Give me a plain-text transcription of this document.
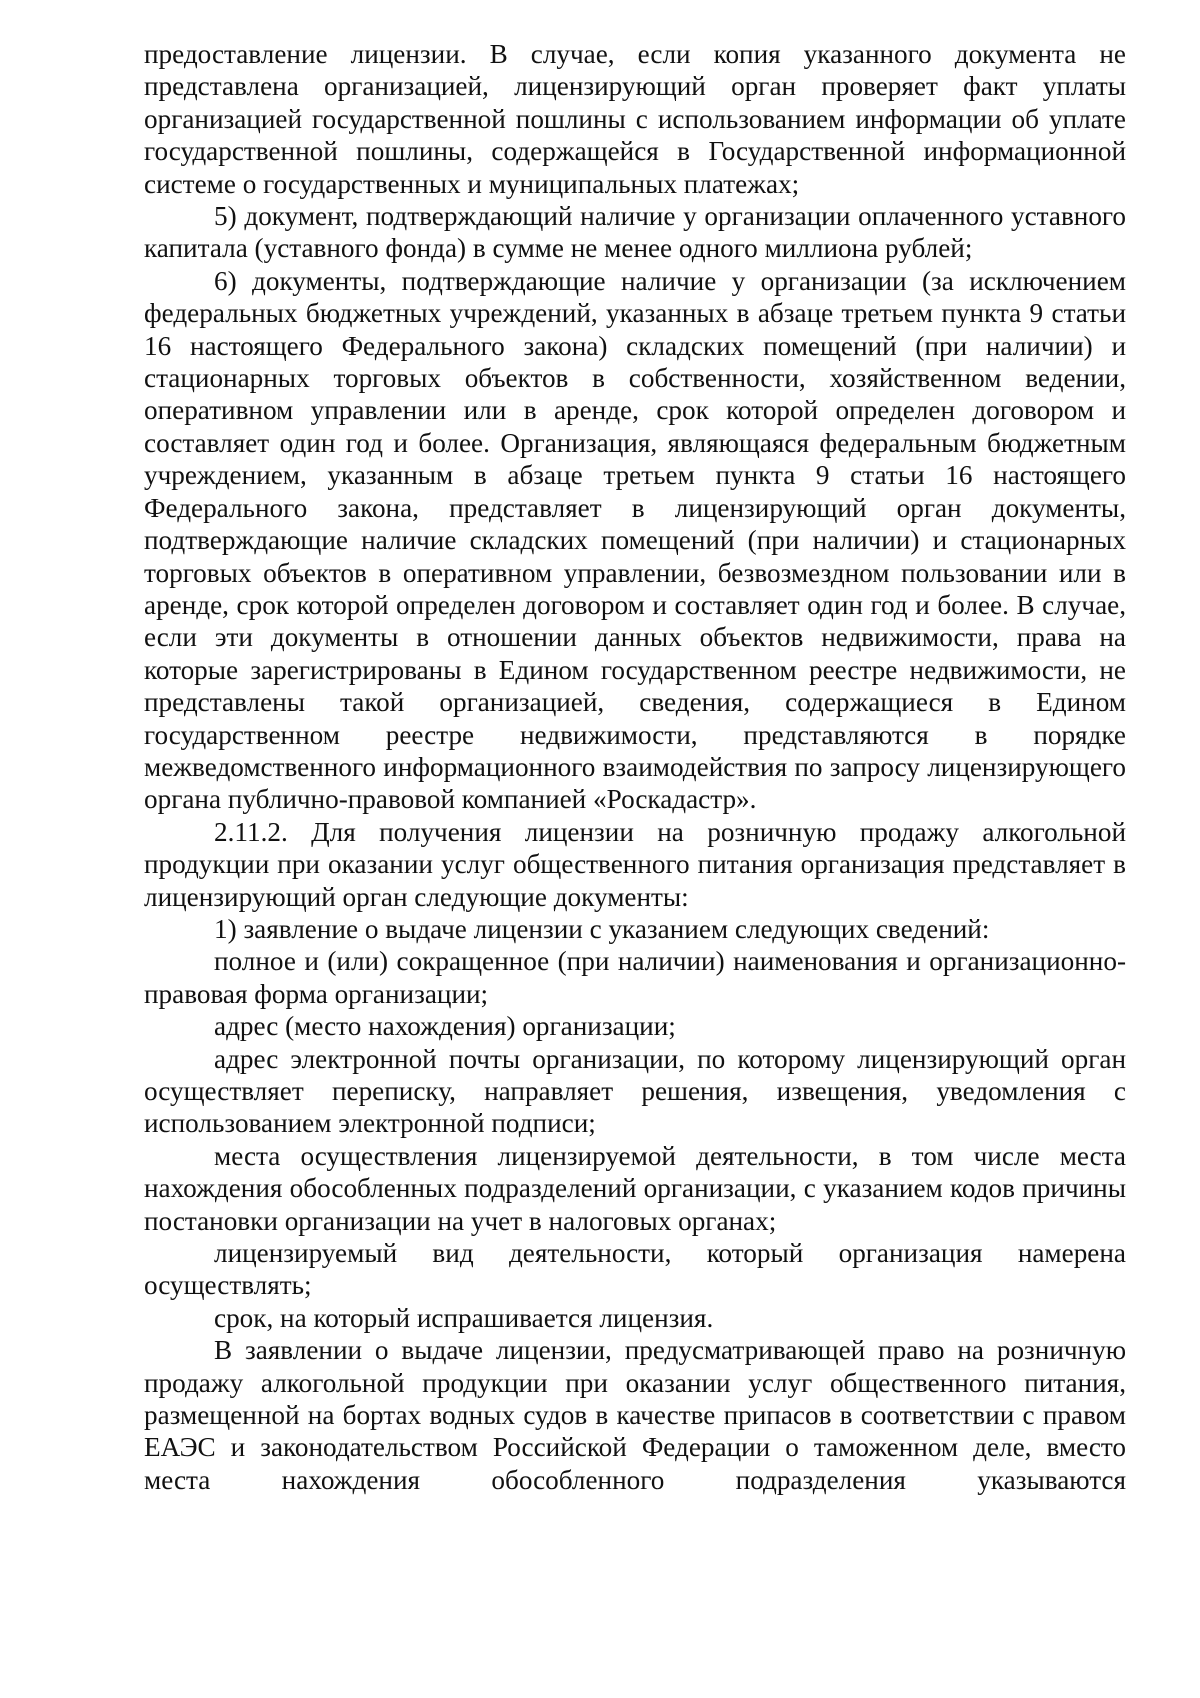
предоставление лицензии. В случае, если копия указанного документа не представлена организацией, лицензирующий орган проверяет факт уплаты организацией государственной пошлины с использованием информации об уплате государственной пошлины, содержащейся в Государственной информационной системе о государственных и муниципальных платежах;

5) документ, подтверждающий наличие у организации оплаченного уставного капитала (уставного фонда) в сумме не менее одного миллиона рублей;

6) документы, подтверждающие наличие у организации (за исключением федеральных бюджетных учреждений, указанных в абзаце третьем пункта 9 статьи 16 настоящего Федерального закона) складских помещений (при наличии) и стационарных торговых объектов в собственности, хозяйственном ведении, оперативном управлении или в аренде, срок которой определен договором и составляет один год и более. Организация, являющаяся федеральным бюджетным учреждением, указанным в абзаце третьем пункта 9 статьи 16 настоящего Федерального закона, представляет в лицензирующий орган документы, подтверждающие наличие складских помещений (при наличии) и стационарных торговых объектов в оперативном управлении, безвозмездном пользовании или в аренде, срок которой определен договором и составляет один год и более. В случае, если эти документы в отношении данных объектов недвижимости, права на которые зарегистрированы в Едином государственном реестре недвижимости, не представлены такой организацией, сведения, содержащиеся в Едином государственном реестре недвижимости, представляются в порядке межведомственного информационного взаимодействия по запросу лицензирующего органа публично-правовой компанией «Роскадастр».

2.11.2. Для получения лицензии на розничную продажу алкогольной продукции при оказании услуг общественного питания организация представляет в лицензирующий орган следующие документы:

1) заявление о выдаче лицензии с указанием следующих сведений:

полное и (или) сокращенное (при наличии) наименования и организационно-правовая форма организации;

адрес (место нахождения) организации;

адрес электронной почты организации, по которому лицензирующий орган осуществляет переписку, направляет решения, извещения, уведомления с использованием электронной подписи;

места осуществления лицензируемой деятельности, в том числе места нахождения обособленных подразделений организации, с указанием кодов причины постановки организации на учет в налоговых органах;

лицензируемый вид деятельности, который организация намерена осуществлять;

срок, на который испрашивается лицензия.

В заявлении о выдаче лицензии, предусматривающей право на розничную продажу алкогольной продукции при оказании услуг общественного питания, размещенной на бортах водных судов в качестве припасов в соответствии с правом ЕАЭС и законодательством Российской Федерации о таможенном деле, вместо места нахождения обособленного подразделения указываются
